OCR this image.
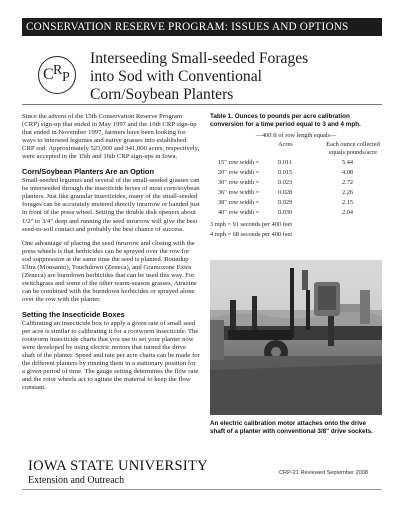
CONSERVATION RESERVE PROGRAM: ISSUES AND OPTIONS
C R P
Interseeding Small-seeded Forages
into Sod with Conventional
Corn/Soybean Planters

Since the advent of the 15th Conservation Reserve Program (CRP) sign-up that ended in May 1997 and the 16th CRP sign-up that ended in November 1997, farmers have been looking for ways to interseed legumes and native grasses into established CRP sod. Approximately 523,000 and 341,000 acres, respectively, were accepted in the 15th and 16th CRP sign-ups in Iowa.

Corn/Soybean Planters Are an Option

Small-seeded legumes and several of the small-seeded grasses can be interseeded through the insecticide boxes of most corn/soybean planters. Just like granular insecticides, many of the small-seeded forages can be accurately metered directly inrurrow or banded just in front of the press wheel. Setting the double disk openers about 1/2" to 3/4" deep and running the seed inrurrow will give the best seed-to-soil contact and probably the best chance of success.

One advantage of placing the seed inrurrow and closing with the press wheels is that herbicides can be sprayed over the row for sod suppression at the same time the seed is planted. Roundup Ultra (Monsanto), Touchdown (Zeneca), and Gramoxone Extra (Zeneca) are burndown herbicides that can be used this way. For switchgrass and some of the other warm-season grasses, Atrazine can be combined with the burndown herbicides or sprayed alone over the row with the planter.

Setting the Insecticide Boxes

Calibrating an insecticide box to apply a given rate of small seed per acre is similar to calibrating it for a rootworm insecticide. The rootworm insecticide charts that you use to set your planter now were developed by using electric motors that turned the drive shaft of the planter. Speed and rate per acre charts can be made for the different planters by running them in a stationary position for a given period of time. The gauge setting determines the flow rate and the rotor wheels act to agitate the material to keep the flow constant.

Table 1. Ounces to pounds per acre calibration conversion for a time period equal to 3 and 4 mph.
—400 ft of row length equals—
Acres	Each ounce collected equals pounds/acre
15" row width =	0.011	5.44
20" row width =	0.015	4.08
30" row width =	0.023	2.72
36" row width =	0.028	2.26
38" row width =	0.029	2.15
40" row width =	0.030	2.04
3 mph = 91 seconds per 400 feet
4 mph = 68 seconds per 400 feet
An electric calibration motor attaches onto the drive shaft of a planter with conventional 3/8" drive sockets.
IOWA STATE UNIVERSITY
Extension and Outreach
CRP-21 Reviewed September 2008
